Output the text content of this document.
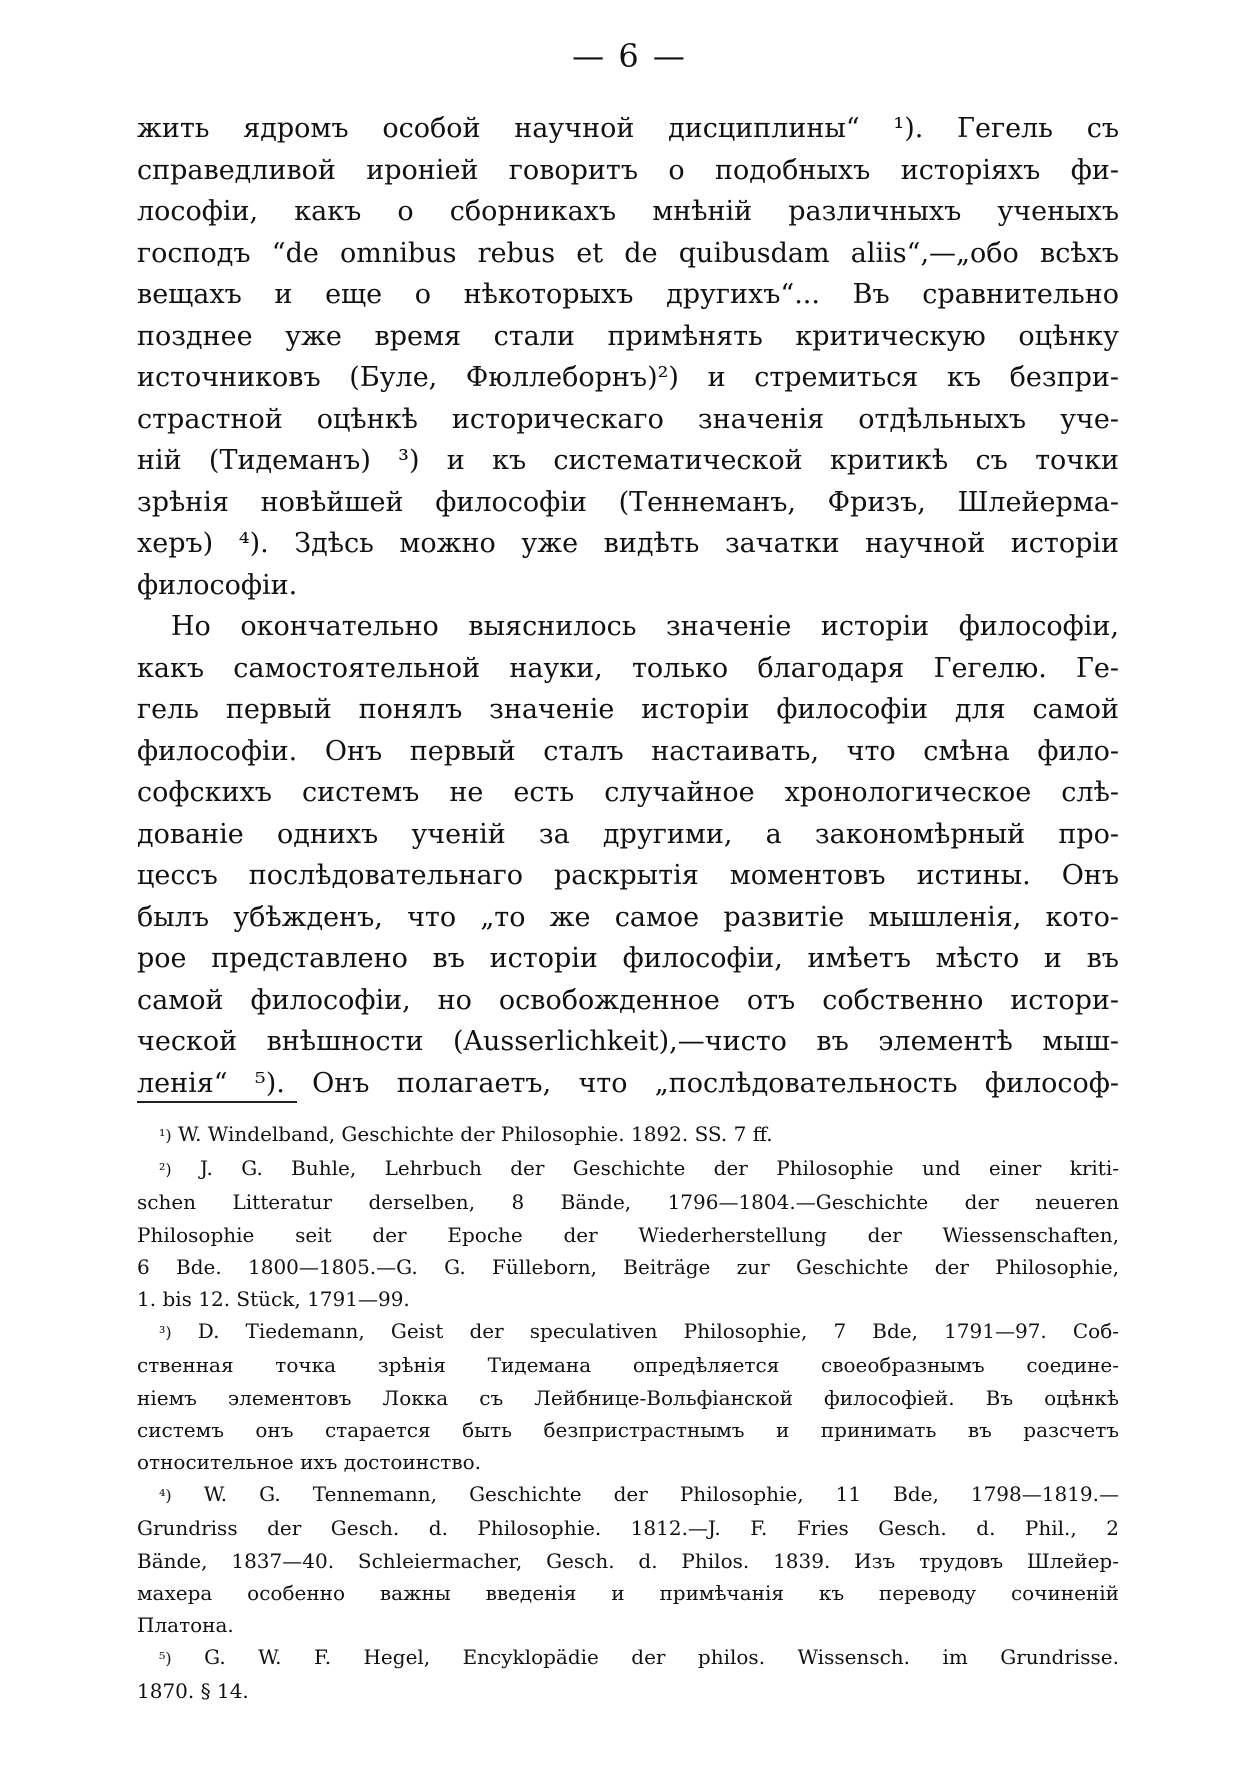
— 6 —

жить ядромъ особой научной дисциплины“ ¹). Гегель съ
справедливой иронiей говоритъ о подобныхъ исторiяхъ фи-
лософiи, какъ о сборникахъ мнѣнiй различныхъ ученыхъ
господъ “de omnibus rebus et de quibusdam aliis“,—„обо всѣхъ
вещахъ и еще о нѣкоторыхъ другихъ“... Въ сравнительно
позднее уже время стали примѣнять критическую оцѣнку
источниковъ (Буле, Фюллеборнъ)²) и стремиться къ безпри-
страстной оцѣнкѣ историческаго значенiя отдѣльныхъ уче-
нiй (Тидеманъ) ³) и къ систематической критикѣ съ точки
зрѣнiя новѣйшей философiи (Теннеманъ, Фризъ, Шлейерма-
херъ) ⁴). Здѣсь можно уже видѣть зачатки научной исторiи
философiи.

Но окончательно выяснилось значенiе исторiи философiи,
какъ самостоятельной науки, только благодаря Гегелю. Ге-
гель первый понялъ значенiе исторiи философiи для самой
философiи. Онъ первый сталъ настаивать, что смѣна фило-
софскихъ системъ не есть случайное хронологическое слѣ-
дованiе однихъ ученiй за другими, а закономѣрный про-
цессъ послѣдовательнаго раскрытiя моментовъ истины. Онъ
былъ убѣжденъ, что „то же самое развитiе мышленiя, кото-
рое представлено въ исторiи философiи, имѣетъ мѣсто и въ
самой философiи, но освобожденное отъ собственно истори-
ческой внѣшности (Ausserlichkeit),—чисто въ элементѣ мыш-
ленiя“ ⁵). Онъ полагаетъ, что „послѣдовательность философ-

¹) W. Windelband, Geschichte der Philosophie. 1892. SS. 7 ff.
²) J. G. Buhle, Lehrbuch der Geschichte der Philosophie und einer kriti-
schen Litteratur derselben, 8 Bände, 1796—1804.—Geschichte der neueren
Philosophie seit der Epoche der Wiederherstellung der Wiessenschaften,
6 Bde. 1800—1805.—G. G. Fülleborn, Beiträge zur Geschichte der Philosophie,
1. bis 12. Stück, 1791—99.
³) D. Tiedemann, Geist der speculativen Philosophie, 7 Bde, 1791—97. Соб-
ственная точка зрѣнiя Тидемана опредѣляется своеобразнымъ соедине-
нiемъ элементовъ Локка съ Лейбнице-Вольфiанской философiей. Въ оцѣнкѣ
системъ онъ старается быть безпристрастнымъ и принимать въ разсчетъ
относительное ихъ достоинство.
⁴) W. G. Tennemann, Geschichte der Philosophie, 11 Bde, 1798—1819.—
Grundriss der Gesch. d. Philosophie. 1812.—J. F. Fries Gesch. d. Phil., 2
Bände, 1837—40. Schleiermacher, Gesch. d. Philos. 1839. Изъ трудовъ Шлейер-
махера особенно важны введенiя и примѣчанiя къ переводу сочиненiй
Платона.
⁵) G. W. F. Hegel, Encyklopädie der philos. Wissensch. im Grundrisse.
1870. § 14.
